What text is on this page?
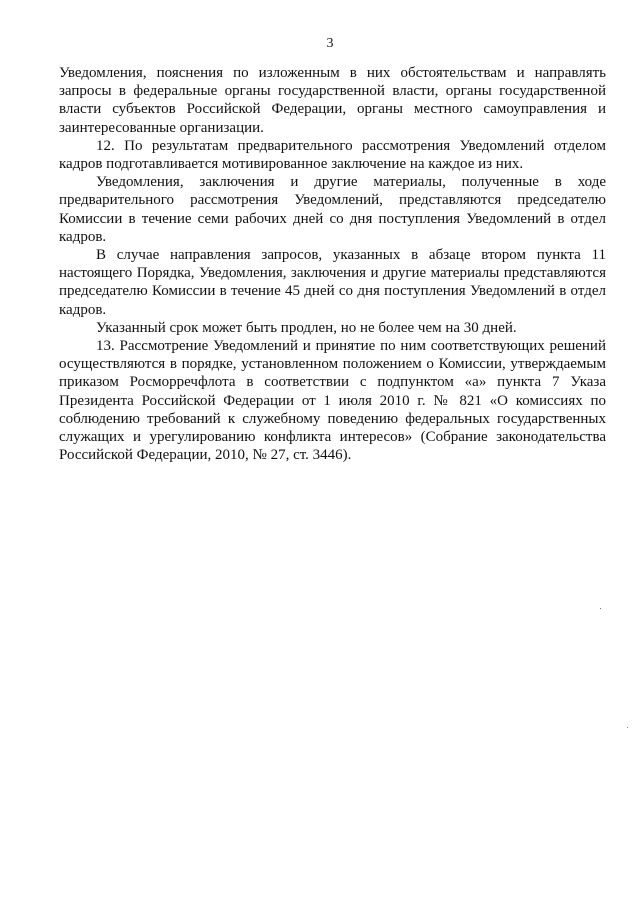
3

Уведомления, пояснения по изложенным в них обстоятельствам и направлять запросы в федеральные органы государственной власти, органы государственной власти субъектов Российской Федерации, органы местного самоуправления и заинтересованные организации.

12. По результатам предварительного рассмотрения Уведомлений отделом кадров подготавливается мотивированное заключение на каждое из них.

Уведомления, заключения и другие материалы, полученные в ходе предварительного рассмотрения Уведомлений, представляются председателю Комиссии в течение семи рабочих дней со дня поступления Уведомлений в отдел кадров.

В случае направления запросов, указанных в абзаце втором пункта 11 настоящего Порядка, Уведомления, заключения и другие материалы представляются председателю Комиссии в течение 45 дней со дня поступления Уведомлений в отдел кадров.

Указанный срок может быть продлен, но не более чем на 30 дней.

13. Рассмотрение Уведомлений и принятие по ним соответствующих решений осуществляются в порядке, установленном положением о Комиссии, утверждаемым приказом Росморречфлота в соответствии с подпунктом «а» пункта 7 Указа Президента Российской Федерации от 1 июля 2010 г. № 821 «О комиссиях по соблюдению требований к служебному поведению федеральных государственных служащих и урегулированию конфликта интересов» (Собрание законодательства Российской Федерации, 2010, № 27, ст. 3446).
